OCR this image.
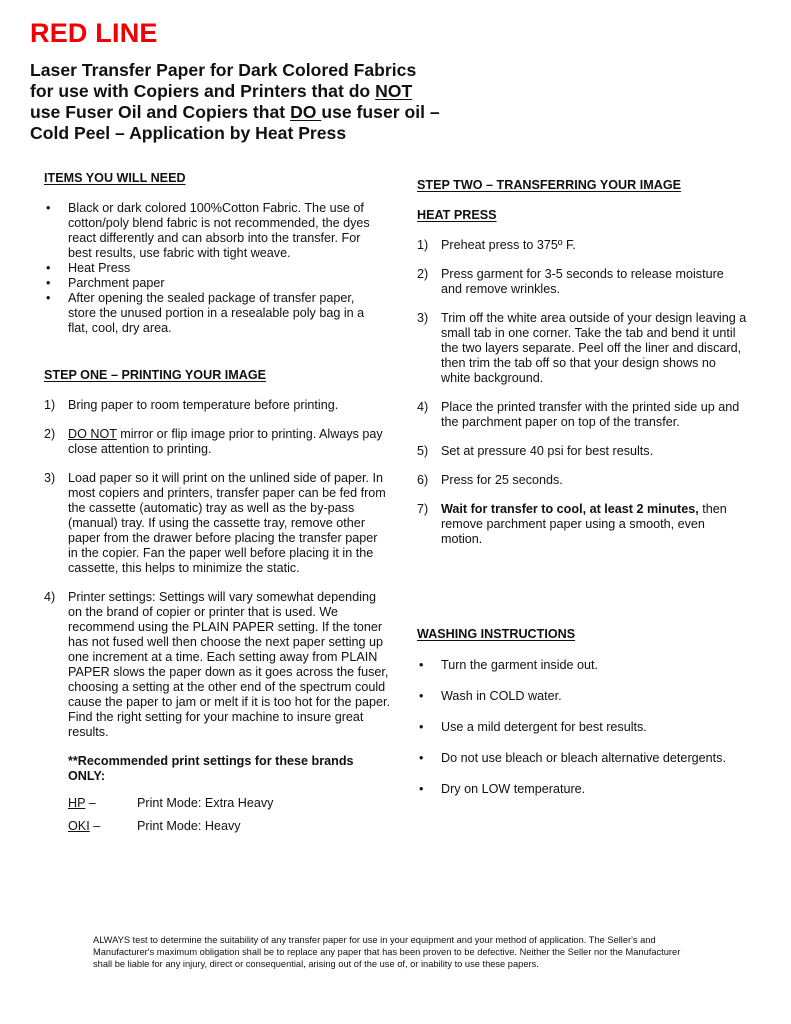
RED LINE
Laser Transfer Paper for Dark Colored Fabrics
for use with Copiers and Printers that do NOT
use Fuser Oil and Copiers that DO use fuser oil –
Cold Peel – Application by Heat Press
ITEMS YOU WILL NEED
• Black or dark colored 100%Cotton Fabric. The use of cotton/poly blend fabric is not recommended, the dyes react differently and can absorb into the transfer. For best results, use fabric with tight weave.
• Heat Press
• Parchment paper
• After opening the sealed package of transfer paper, store the unused portion in a resealable poly bag in a flat, cool, dry area.
STEP ONE – PRINTING YOUR IMAGE
1) Bring paper to room temperature before printing.
2) DO NOT mirror or flip image prior to printing. Always pay close attention to printing.
3) Load paper so it will print on the unlined side of paper. In most copiers and printers, transfer paper can be fed from the cassette (automatic) tray as well as the by-pass (manual) tray. If using the cassette tray, remove other paper from the drawer before placing the transfer paper in the copier. Fan the paper well before placing it in the cassette, this helps to minimize the static.
4) Printer settings: Settings will vary somewhat depending on the brand of copier or printer that is used. We recommend using the PLAIN PAPER setting. If the toner has not fused well then choose the next paper setting up one increment at a time. Each setting away from PLAIN PAPER slows the paper down as it goes across the fuser, choosing a setting at the other end of the spectrum could cause the paper to jam or melt if it is too hot for the paper. Find the right setting for your machine to insure great results.
**Recommended print settings for these brands ONLY:
HP –	Print Mode: Extra Heavy
OKI –	Print Mode: Heavy
STEP TWO – TRANSFERRING YOUR IMAGE
HEAT PRESS
1) Preheat press to 375º F.
2) Press garment for 3-5 seconds to release moisture and remove wrinkles.
3) Trim off the white area outside of your design leaving a small tab in one corner. Take the tab and bend it until the two layers separate. Peel off the liner and discard, then trim the tab off so that your design shows no white background.
4) Place the printed transfer with the printed side up and the parchment paper on top of the transfer.
5) Set at pressure 40 psi for best results.
6) Press for 25 seconds.
7) Wait for transfer to cool, at least 2 minutes, then remove parchment paper using a smooth, even motion.
WASHING INSTRUCTIONS
• Turn the garment inside out.
• Wash in COLD water.
• Use a mild detergent for best results.
• Do not use bleach or bleach alternative detergents.
• Dry on LOW temperature.
ALWAYS test to determine the suitability of any transfer paper for use in your equipment and your method of application. The Seller's and Manufacturer's maximum obligation shall be to replace any paper that has been proven to be defective. Neither the Seller nor the Manufacturer shall be liable for any injury, direct or consequential, arising out of the use of, or inability to use these papers.
